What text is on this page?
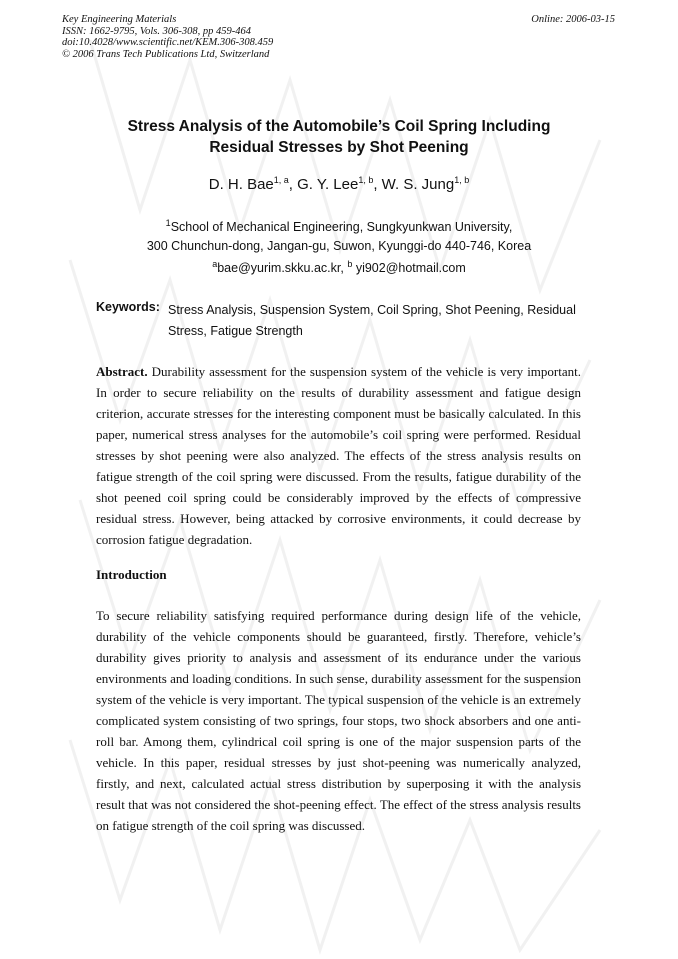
Key Engineering Materials
ISSN: 1662-9795, Vols. 306-308, pp 459-464
doi:10.4028/www.scientific.net/KEM.306-308.459
© 2006 Trans Tech Publications Ltd, Switzerland
Online: 2006-03-15
Stress Analysis of the Automobile’s Coil Spring Including
Residual Stresses by Shot Peening
D. H. Bae$^{1, a}$, G. Y. Lee$^{1, b}$, W. S. Jung$^{1, b}$
$^1$School of Mechanical Engineering, Sungkyunkwan University,
300 Chunchun-dong, Jangan-gu, Suwon, Kyunggi-do 440-746, Korea
$^a$bae@yurim.skku.ac.kr, $^b$ yi902@hotmail.com
Keywords: Stress Analysis, Suspension System, Coil Spring, Shot Peening, Residual Stress, Fatigue Strength
Abstract. Durability assessment for the suspension system of the vehicle is very important. In order to secure reliability on the results of durability assessment and fatigue design criterion, accurate stresses for the interesting component must be basically calculated. In this paper, numerical stress analyses for the automobile’s coil spring were performed. Residual stresses by shot peening were also analyzed. The effects of the stress analysis results on fatigue strength of the coil spring were discussed. From the results, fatigue durability of the shot peened coil spring could be considerably improved by the effects of compressive residual stress. However, being attacked by corrosive environments, it could decrease by corrosion fatigue degradation.
Introduction
To secure reliability satisfying required performance during design life of the vehicle, durability of the vehicle components should be guaranteed, firstly. Therefore, vehicle’s durability gives priority to analysis and assessment of its endurance under the various environments and loading conditions. In such sense, durability assessment for the suspension system of the vehicle is very important. The typical suspension of the vehicle is an extremely complicated system consisting of two springs, four stops, two shock absorbers and one anti-roll bar. Among them, cylindrical coil spring is one of the major suspension parts of the vehicle. In this paper, residual stresses by just shot-peening was numerically analyzed, firstly, and next, calculated actual stress distribution by superposing it with the analysis result that was not considered the shot-peening effect. The effect of the stress analysis results on fatigue strength of the coil spring was discussed.
